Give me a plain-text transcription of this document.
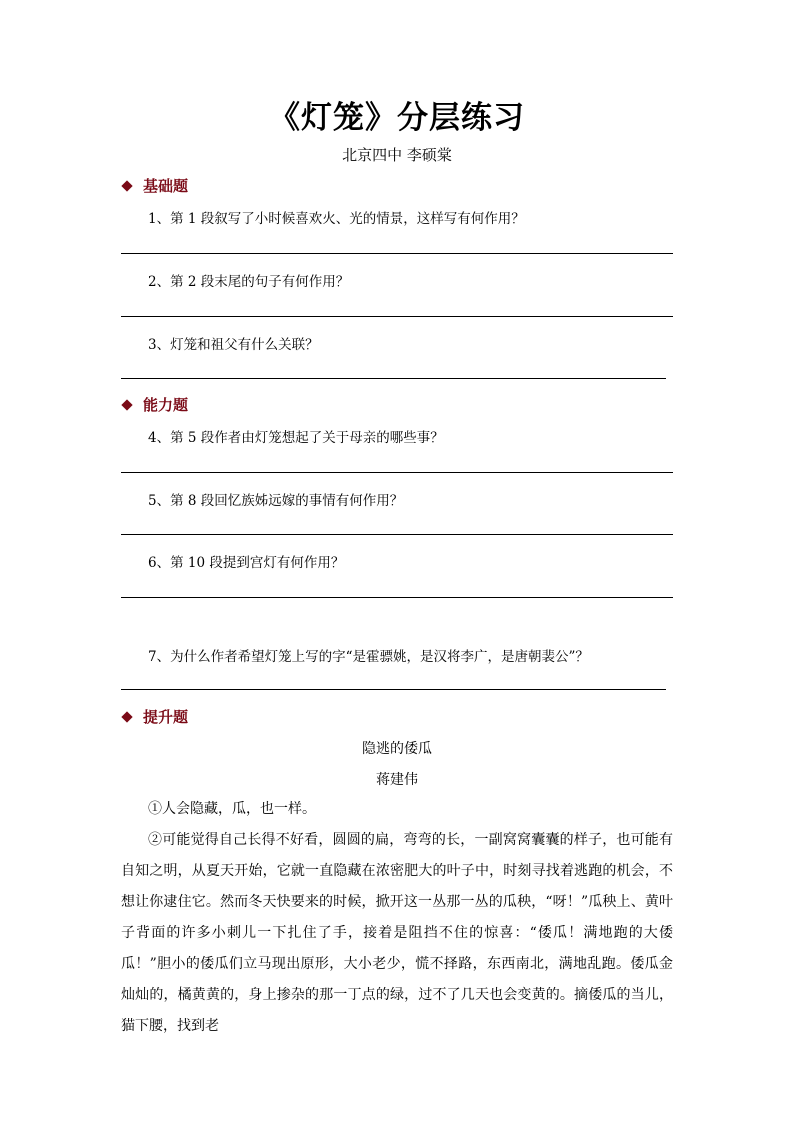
《灯笼》分层练习
北京四中 李硕棠
基础题
1、第 1 段叙写了小时候喜欢火、光的情景，这样写有何作用？
2、第 2 段末尾的句子有何作用？
3、灯笼和祖父有什么关联？
能力题
4、第 5 段作者由灯笼想起了关于母亲的哪些事？
5、第 8 段回忆族姊远嫁的事情有何作用？
6、第 10 段提到宫灯有何作用？
7、为什么作者希望灯笼上写的字“是霍骠姚，是汉将李广，是唐朝裴公”？
提升题
隐逃的倭瓜
蒋建伟

①人会隐藏，瓜，也一样。

②可能觉得自己长得不好看，圆圆的扁，弯弯的长，一副窝窝囊囊的样子，也可能有自知之明，从夏天开始，它就一直隐藏在浓密肥大的叶子中，时刻寻找着逃跑的机会，不想让你逮住它。然而冬天快要来的时候，掀开这一丛那一丛的瓜秧，“呀！”瓜秧上、黄叶子背面的许多小刺儿一下扎住了手，接着是阻挡不住的惊喜：“倭瓜！满地跑的大倭瓜！”胆小的倭瓜们立马现出原形，大小老少，慌不择路，东西南北，满地乱跑。倭瓜金灿灿的，橘黄黄的，身上掺杂的那一丁点的绿，过不了几天也会变黄的。摘倭瓜的当儿，猫下腰，找到老
